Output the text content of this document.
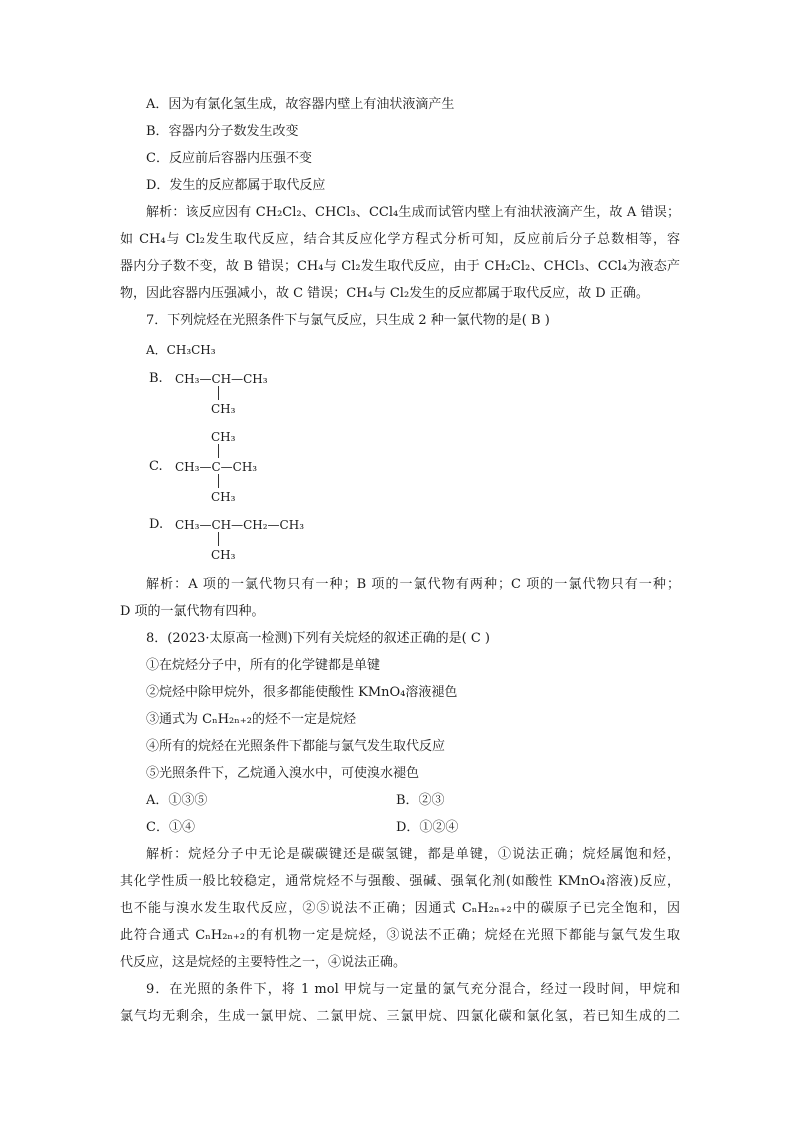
A．因为有氯化氢生成，故容器内壁上有油状液滴产生
B．容器内分子数发生改变
C．反应前后容器内压强不变
D．发生的反应都属于取代反应
解析：该反应因有 CH₂Cl₂、CHCl₃、CCl₄生成而试管内壁上有油状液滴产生，故 A 错误；
如 CH₄与 Cl₂发生取代反应，结合其反应化学方程式分析可知，反应前后分子总数相等，容
器内分子数不变，故 B 错误；CH₄与 Cl₂发生取代反应，由于 CH₂Cl₂、CHCl₃、CCl₄为液态产
物，因此容器内压强减小，故 C 错误；CH₄与 Cl₂发生的反应都属于取代反应，故 D 正确。
7．下列烷烃在光照条件下与氯气反应，只生成 2 种一氯代物的是( B )
A．CH₃CH₃
B. CH₃—CH—CH₃
CH₃
CH₃
C. CH₃—C—CH₃
CH₃
D. CH₃—CH—CH₂—CH₃
CH₃
解析：A 项的一氯代物只有一种；B 项的一氯代物有两种；C 项的一氯代物只有一种；
D 项的一氯代物有四种。
8．(2023·太原高一检测)下列有关烷烃的叙述正确的是( C )
①在烷烃分子中，所有的化学键都是单键
②烷烃中除甲烷外，很多都能使酸性 KMnO₄溶液褪色
③通式为 CₙH₂ₙ₊₂的烃不一定是烷烃
④所有的烷烃在光照条件下都能与氯气发生取代反应
⑤光照条件下，乙烷通入溴水中，可使溴水褪色
A．①③⑤	B．②③
C．①④	D．①②④
解析：烷烃分子中无论是碳碳键还是碳氢键，都是单键，①说法正确；烷烃属饱和烃，
其化学性质一般比较稳定，通常烷烃不与强酸、强碱、强氧化剂(如酸性 KMnO₄溶液)反应，
也不能与溴水发生取代反应，②⑤说法不正确；因通式 CₙH₂ₙ₊₂中的碳原子已完全饱和，因
此符合通式 CₙH₂ₙ₊₂的有机物一定是烷烃，③说法不正确；烷烃在光照下都能与氯气发生取
代反应，这是烷烃的主要特性之一，④说法正确。
9．在光照的条件下，将 1 mol 甲烷与一定量的氯气充分混合，经过一段时间，甲烷和
氯气均无剩余，生成一氯甲烷、二氯甲烷、三氯甲烷、四氯化碳和氯化氢，若已知生成的二
